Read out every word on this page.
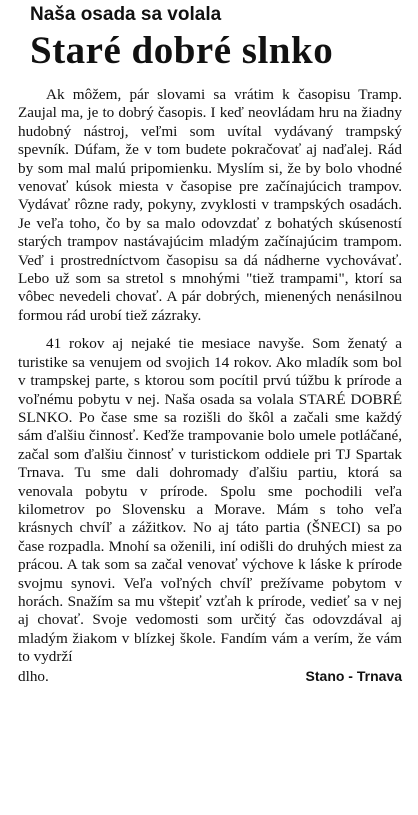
Naša osada sa volala
Staré dobré slnko

Ak môžem, pár slovami sa vrátim k časopisu Tramp. Zaujal ma, je to dobrý časopis. I keď neovládam hru na žiadny hudobný nástroj, veľmi som uvítal vydávaný trampský spevník. Dúfam, že v tom budete pokračovať aj naďalej. Rád by som mal malú pripomienku. Myslím si, že by bolo vhodné venovať kúsok miesta v časopise pre začínajúcich trampov. Vydávať rôzne rady, pokyny, zvyklosti v trampských osadách. Je veľa toho, čo by sa malo odovzdať z bohatých skúseností starých trampov nastávajúcim mladým začínajúcim trampom. Veď i prostredníctvom časopisu sa dá nádherne vychovávať. Lebo už som sa stretol s mnohými "tiež trampami", ktorí sa vôbec nevedeli chovať. A pár dobrých, mienených nenásilnou formou rád urobí tiež zázraky.

41 rokov aj nejaké tie mesiace navyše. Som ženatý a turistike sa venujem od svojich 14 rokov. Ako mladík som bol v trampskej parte, s ktorou som pocítil prvú túžbu k prírode a voľnému pobytu v nej. Naša osada sa volala STARÉ DOBRÉ SLNKO. Po čase sme sa rozišli do škôl a začali sme každý sám ďalšiu činnosť. Keďže trampovanie bolo umele potláčané, začal som ďalšiu činnosť v turistickom oddiele pri TJ Spartak Trnava. Tu sme dali dohromady ďalšiu partiu, ktorá sa venovala pobytu v prírode. Spolu sme pochodili veľa kilometrov po Slovensku a Morave. Mám s toho veľa krásnych chvíľ a zážitkov. No aj táto partia (ŠNECI) sa po čase rozpadla. Mnohí sa oženili, iní odišli do druhých miest za prácou. A tak som sa začal venovať výchove k láske k prírode svojmu synovi. Veľa voľných chvíľ prežívame pobytom v horách. Snažím sa mu vštepiť vzťah k prírode, vedieť sa v nej aj chovať. Svoje vedomosti som určitý čas odovzdával aj mladým žiakom v blízkej škole. Fandím vám a verím, že vám to vydrží

dlho.	Stano - Trnava
